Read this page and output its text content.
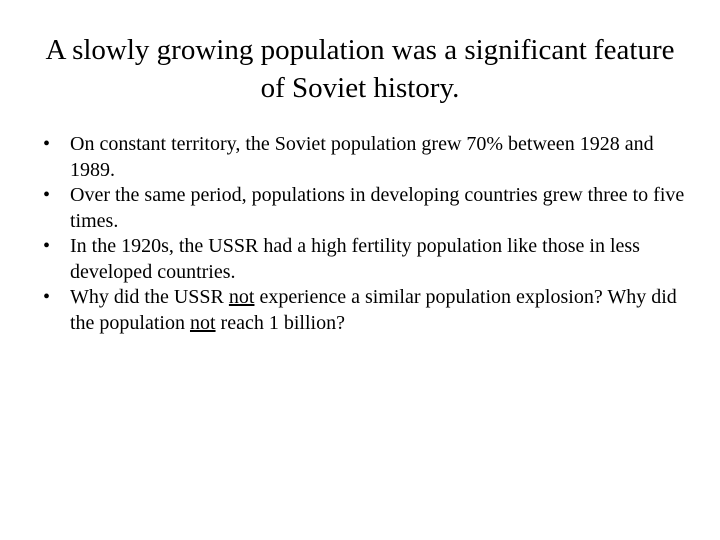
A slowly growing population was a significant feature of Soviet history.
• On constant territory, the Soviet population grew 70% between 1928 and 1989.
• Over the same period, populations in developing countries grew three to five times.
• In the 1920s, the USSR had a high fertility population like those in less developed countries.
• Why did the USSR not experience a similar population explosion? Why did the population not reach 1 billion?
